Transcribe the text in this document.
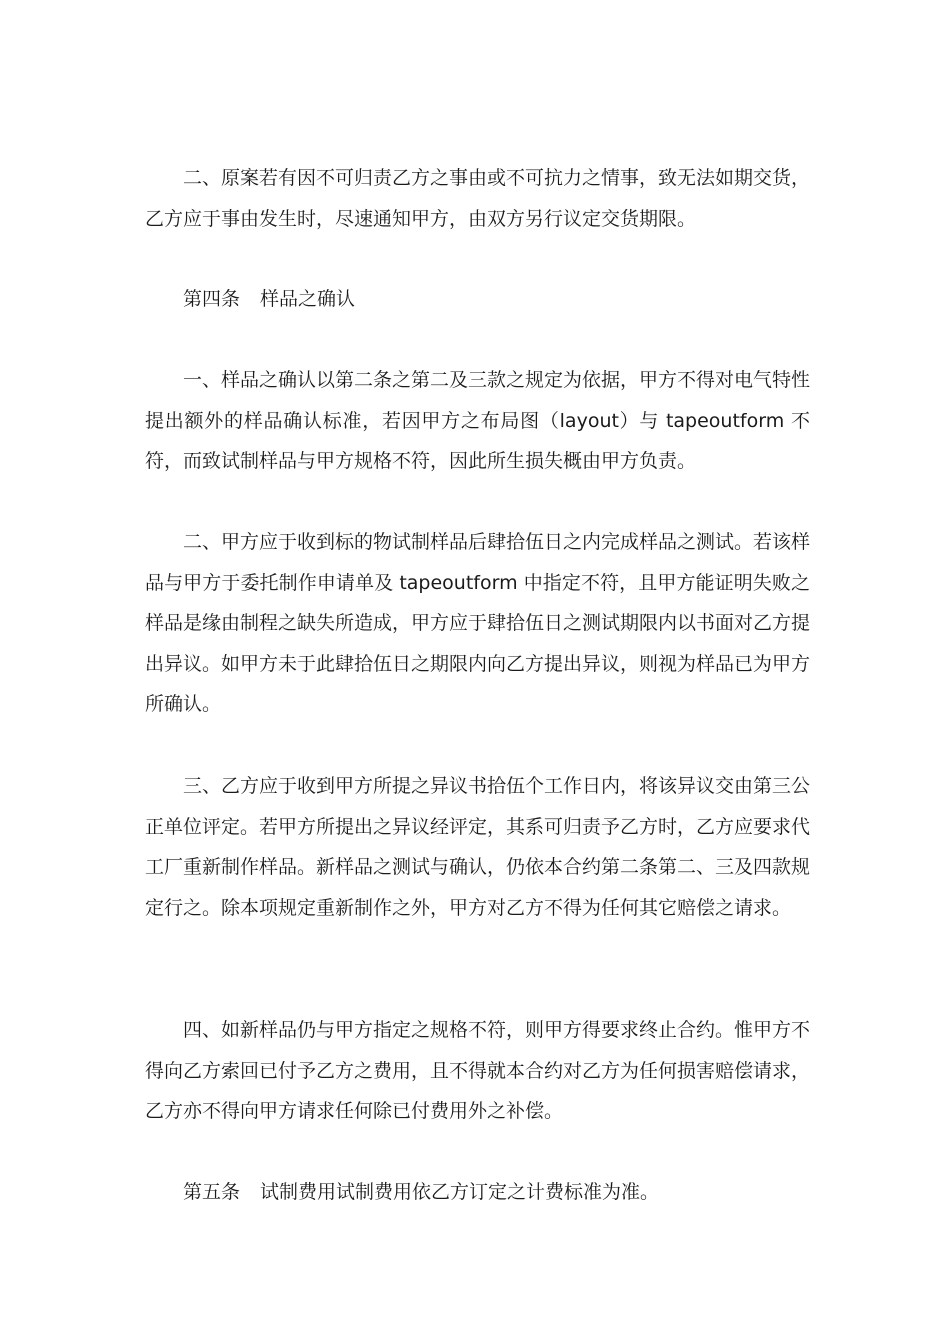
二、原案若有因不可归责乙方之事由或不可抗力之情事，致无法如期交货，乙方应于事由发生时，尽速通知甲方，由双方另行议定交货期限。

第四条 样品之确认

一、样品之确认以第二条之第二及三款之规定为依据，甲方不得对电气特性提出额外的样品确认标准，若因甲方之布局图（layout）与 tapeoutform 不符，而致试制样品与甲方规格不符，因此所生损失概由甲方负责。

二、甲方应于收到标的物试制样品后肆拾伍日之内完成样品之测试。若该样品与甲方于委托制作申请单及 tapeoutform 中指定不符，且甲方能证明失败之样品是缘由制程之缺失所造成，甲方应于肆拾伍日之测试期限内以书面对乙方提出异议。如甲方未于此肆拾伍日之期限内向乙方提出异议，则视为样品已为甲方所确认。

三、乙方应于收到甲方所提之异议书拾伍个工作日内，将该异议交由第三公正单位评定。若甲方所提出之异议经评定，其系可归责予乙方时，乙方应要求代工厂重新制作样品。新样品之测试与确认，仍依本合约第二条第二、三及四款规定行之。除本项规定重新制作之外，甲方对乙方不得为任何其它赔偿之请求。

四、如新样品仍与甲方指定之规格不符，则甲方得要求终止合约。惟甲方不得向乙方索回已付予乙方之费用，且不得就本合约对乙方为任何损害赔偿请求，乙方亦不得向甲方请求任何除已付费用外之补偿。

第五条 试制费用试制费用依乙方订定之计费标准为准。
